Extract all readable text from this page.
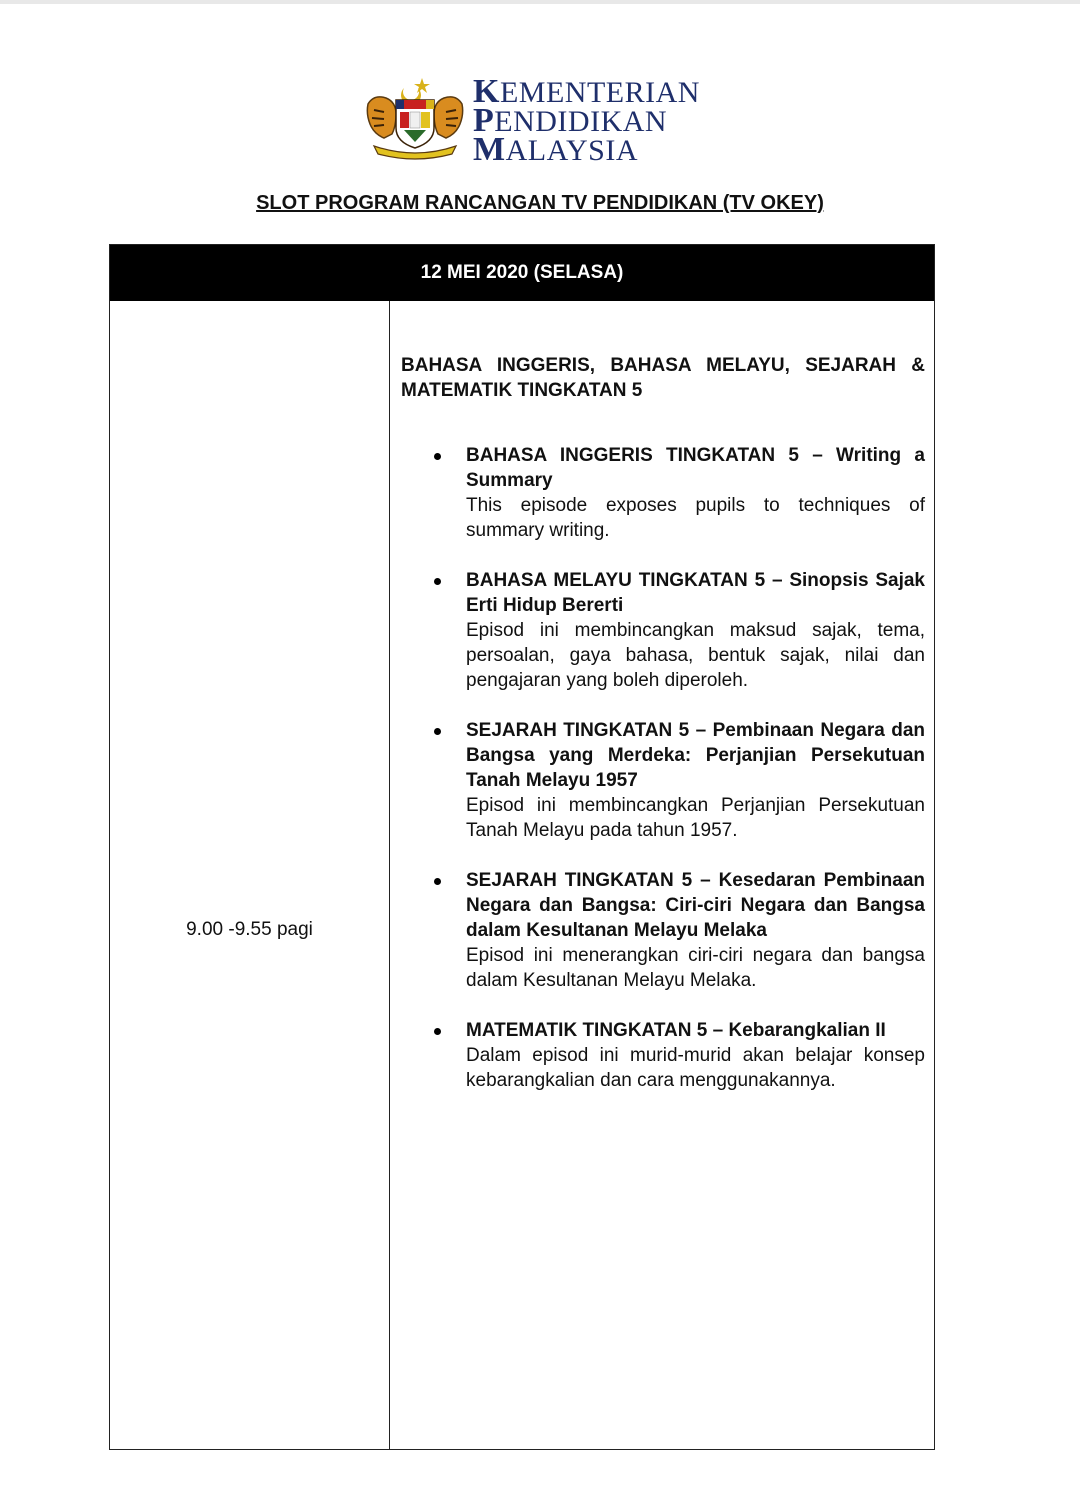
KEMENTERIAN
PENDIDIKAN
MALAYSIA
SLOT PROGRAM RANCANGAN TV PENDIDIKAN (TV OKEY)
12 MEI 2020 (SELASA)
9.00 -9.55 pagi
BAHASA INGGERIS, BAHASA MELAYU, SEJARAH & MATEMATIK TINGKATAN 5
BAHASA INGGERIS TINGKATAN 5 – Writing a Summary
This episode exposes pupils to techniques of summary writing.
BAHASA MELAYU TINGKATAN 5 – Sinopsis Sajak Erti Hidup Bererti
Episod ini membincangkan maksud sajak, tema, persoalan, gaya bahasa, bentuk sajak, nilai dan pengajaran yang boleh diperoleh.
SEJARAH TINGKATAN 5 – Pembinaan Negara dan Bangsa yang Merdeka: Perjanjian Persekutuan Tanah Melayu 1957
Episod ini membincangkan Perjanjian Persekutuan Tanah Melayu pada tahun 1957.
SEJARAH TINGKATAN 5 – Kesedaran Pembinaan Negara dan Bangsa: Ciri-ciri Negara dan Bangsa dalam Kesultanan Melayu Melaka
Episod ini menerangkan ciri-ciri negara dan bangsa dalam Kesultanan Melayu Melaka.
MATEMATIK TINGKATAN 5 – Kebarangkalian II
Dalam episod ini murid-murid akan belajar konsep kebarangkalian dan cara menggunakannya.
